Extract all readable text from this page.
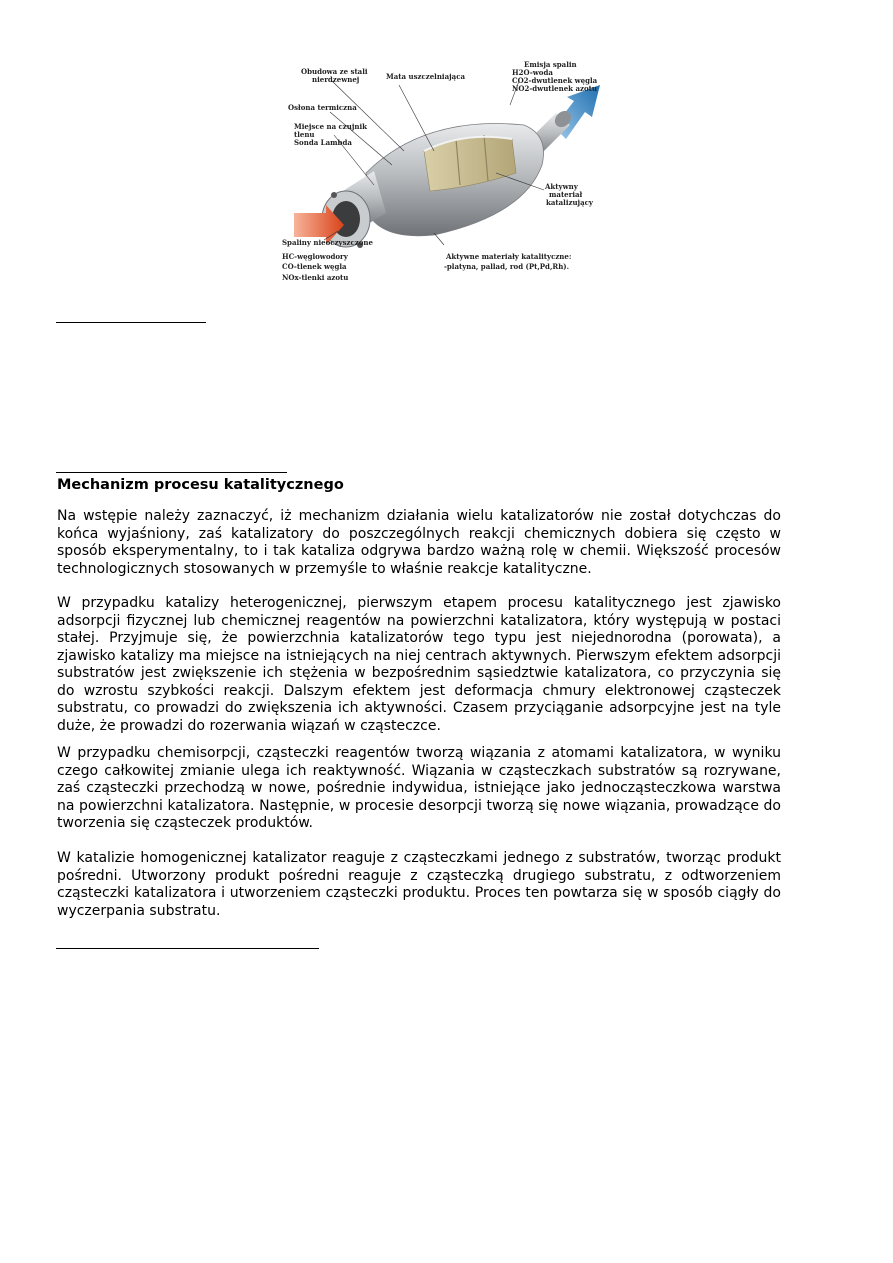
Obudowa ze stali
nierdzewnej	Mata uszczelniająca
Emisja spalin
H2O-woda
CO2-dwutlenek węgla
NO2-dwutlenek azotu
Osłona termiczna
Miejsce na czujnik
tlenu
Sonda Lambda
Aktywny
materiał
katalizujący
Spaliny nieoczyszczone
HC-węglowodory
CO-tlenek węgla
NOx-tlenki azotu
Aktywne materiały katalityczne:
-platyna, pallad, rod (Pt,Pd,Rh).
Mechanizm procesu katalitycznego

Na wstępie należy zaznaczyć, iż mechanizm działania wielu katalizatorów nie został dotychczas do końca wyjaśniony, zaś katalizatory do poszczególnych reakcji chemicznych dobiera się często w sposób eksperymentalny, to i tak kataliza odgrywa bardzo ważną rolę w chemii. Większość procesów technologicznych stosowanych w przemyśle to właśnie reakcje katalityczne.

W przypadku katalizy heterogenicznej, pierwszym etapem procesu katalitycznego jest zjawisko adsorpcji fizycznej lub chemicznej reagentów na powierzchni katalizatora, który występują w postaci stałej. Przyjmuje się, że powierzchnia katalizatorów tego typu jest niejednorodna (porowata), a zjawisko katalizy ma miejsce na istniejących na niej centrach aktywnych. Pierwszym efektem adsorpcji substratów jest zwiększenie ich stężenia w bezpośrednim sąsiedztwie katalizatora, co przyczynia się do wzrostu szybkości reakcji. Dalszym efektem jest deformacja chmury elektronowej cząsteczek substratu, co prowadzi do zwiększenia ich aktywności. Czasem przyciąganie adsorpcyjne jest na tyle duże, że prowadzi do rozerwania wiązań w cząsteczce.

W przypadku chemisorpcji, cząsteczki reagentów tworzą wiązania z atomami katalizatora, w wyniku czego całkowitej zmianie ulega ich reaktywność. Wiązania w cząsteczkach substratów są rozrywane, zaś cząsteczki przechodzą w nowe, pośrednie indywidua, istniejące jako jednocząsteczkowa warstwa na powierzchni katalizatora. Następnie, w procesie desorpcji tworzą się nowe wiązania, prowadzące do tworzenia się cząsteczek produktów.

W katalizie homogenicznej katalizator reaguje z cząsteczkami jednego z substratów, tworząc produkt pośredni. Utworzony produkt pośredni reaguje z cząsteczką drugiego substratu, z odtworzeniem cząsteczki katalizatora i utworzeniem cząsteczki produktu. Proces ten powtarza się w sposób ciągły do wyczerpania substratu.
